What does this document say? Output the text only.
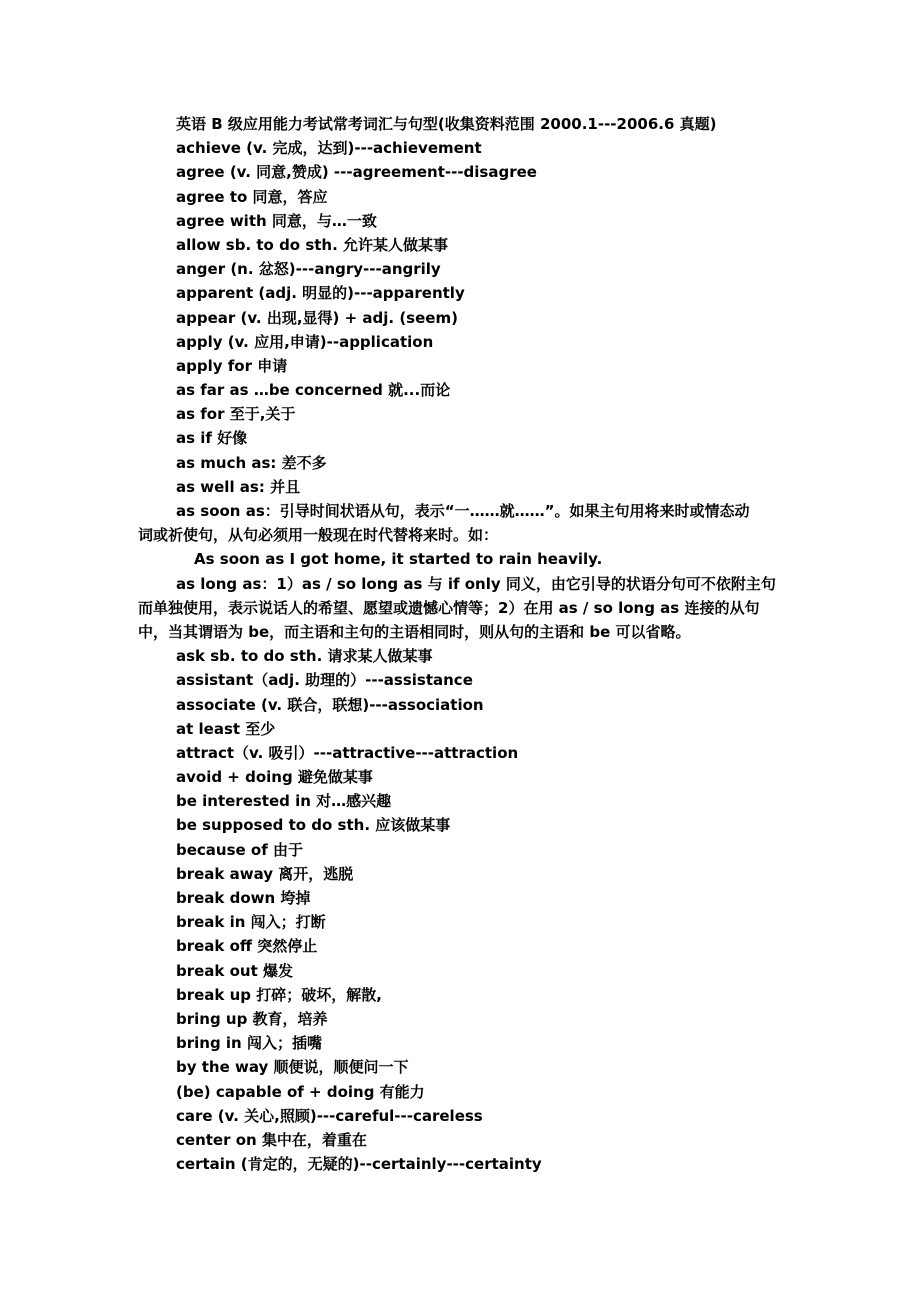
英语 B 级应用能力考试常考词汇与句型(收集资料范围 2000.1---2006.6 真题)
achieve (v. 完成，达到)---achievement
agree (v. 同意,赞成) ---agreement---disagree
agree to 同意，答应
agree with 同意，与…一致
allow sb. to do sth. 允许某人做某事
anger (n. 忿怒)---angry---angrily
apparent (adj. 明显的)---apparently
appear (v. 出现,显得) + adj. (seem)
apply (v. 应用,申请)--application
apply for 申请
as far as …be concerned 就...而论
as for 至于,关于
as if 好像
as much as: 差不多
as well as: 并且
as soon as：引导时间状语从句，表示“一……就……”。如果主句用将来时或情态动
词或祈使句，从句必须用一般现在时代替将来时。如：
As soon as I got home, it started to rain heavily.
as long as：1）as / so long as 与 if only 同义，由它引导的状语分句可不依附主句
而单独使用，表示说话人的希望、愿望或遗憾心情等；2）在用 as / so long as 连接的从句
中，当其谓语为 be，而主语和主句的主语相同时，则从句的主语和 be 可以省略。
ask sb. to do sth. 请求某人做某事
assistant（adj. 助理的）---assistance
associate (v. 联合，联想)---association
at least 至少
attract（v. 吸引）---attractive---attraction
avoid + doing 避免做某事
be interested in 对…感兴趣
be supposed to do sth. 应该做某事
because of 由于
break away 离开，逃脱
break down 垮掉
break in 闯入；打断
break off 突然停止
break out 爆发
break up 打碎；破坏，解散,
bring up 教育，培养
bring in 闯入；插嘴
by the way 顺便说，顺便问一下
(be) capable of + doing 有能力
care (v. 关心,照顾)---careful---careless
center on 集中在，着重在
certain (肯定的，无疑的)--certainly---certainty
